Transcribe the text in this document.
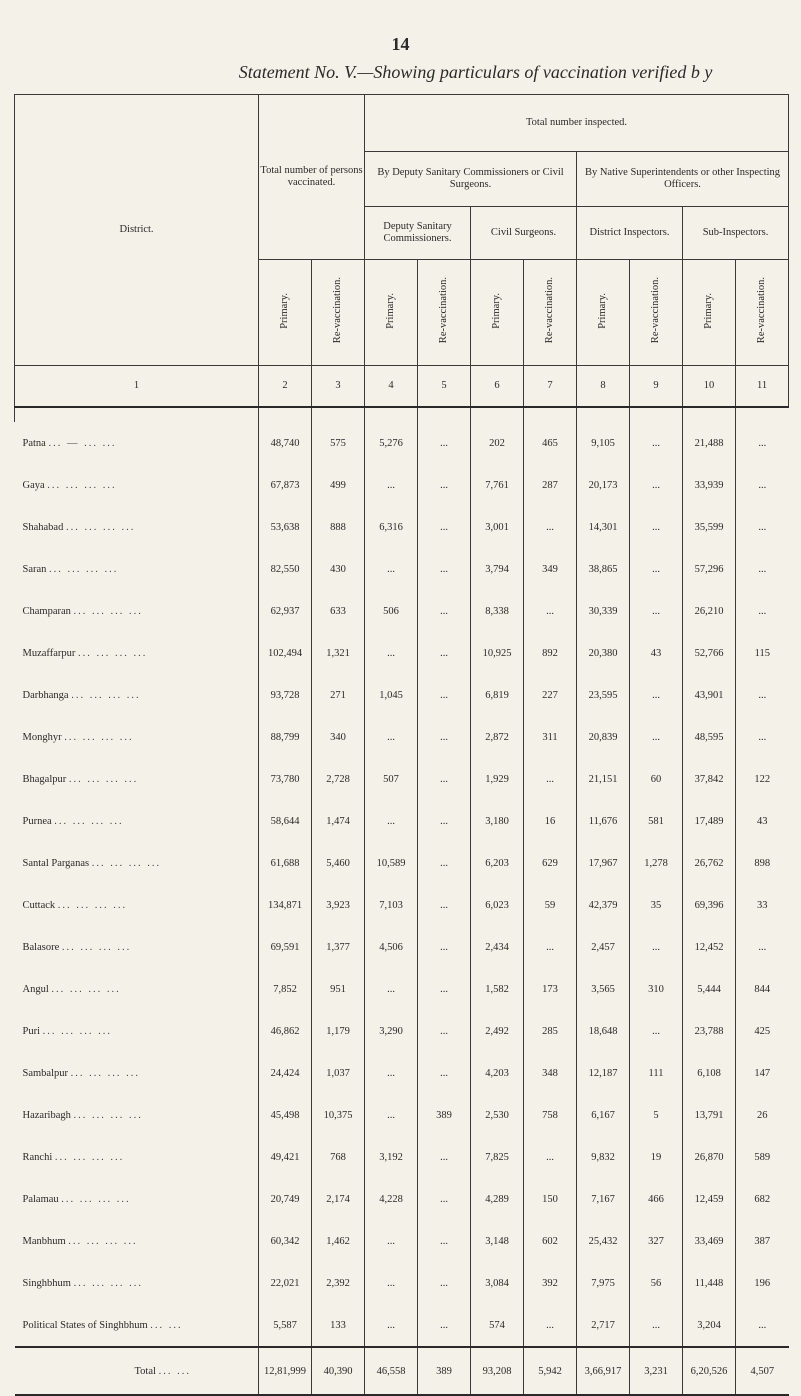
14
Statement No. V.—Showing particulars of vaccination verified b y
District.	Total number of persons vaccinated.		Total number inspected.							
			By Deputy Sanitary Commissioners or Civil Surgeons.				By Native Superintendents or other Inspecting Officers.			
			Deputy Sanitary Commissioners.		Civil Surgeons.		District Inspectors.		Sub-Inspectors.	
	Primary.	Re-vaccination.	Primary.	Re-vaccination.	Primary.	Re-vaccination.	Primary.	Re-vaccination.	Primary.	Re-vaccination.
1	2	3	4	5	6	7	8	9	10	11

Patna ... — ... ...	48,740	575	5,276	...	202	465	9,105	...	21,488	...
Gaya ... ... ... ...	67,873	499	...	...	7,761	287	20,173	...	33,939	...
Shahabad ... ... ... ...	53,638	888	6,316	...	3,001	...	14,301	...	35,599	...
Saran ... ... ... ...	82,550	430	...	...	3,794	349	38,865	...	57,296	...
Champaran ... ... ... ...	62,937	633	506	...	8,338	...	30,339	...	26,210	...
Muzaffarpur ... ... ... ...	102,494	1,321	...	...	10,925	892	20,380	43	52,766	115
Darbhanga ... ... ... ...	93,728	271	1,045	...	6,819	227	23,595	...	43,901	...
Monghyr ... ... ... ...	88,799	340	...	...	2,872	311	20,839	...	48,595	...
Bhagalpur ... ... ... ...	73,780	2,728	507	...	1,929	...	21,151	60	37,842	122
Purnea ... ... ... ...	58,644	1,474	...	...	3,180	16	11,676	581	17,489	43
Santal Parganas ... ... ... ...	61,688	5,460	10,589	...	6,203	629	17,967	1,278	26,762	898
Cuttack ... ... ... ...	134,871	3,923	7,103	...	6,023	59	42,379	35	69,396	33
Balasore ... ... ... ...	69,591	1,377	4,506	...	2,434	...	2,457	...	12,452	...
Angul ... ... ... ...	7,852	951	...	...	1,582	173	3,565	310	5,444	844
Puri ... ... ... ...	46,862	1,179	3,290	...	2,492	285	18,648	...	23,788	425
Sambalpur ... ... ... ...	24,424	1,037	...	...	4,203	348	12,187	111	6,108	147
Hazaribagh ... ... ... ...	45,498	10,375	...	389	2,530	758	6,167	5	13,791	26
Ranchi ... ... ... ...	49,421	768	3,192	...	7,825	...	9,832	19	26,870	589
Palamau ... ... ... ...	20,749	2,174	4,228	...	4,289	150	7,167	466	12,459	682
Manbhum ... ... ... ...	60,342	1,462	...	...	3,148	602	25,432	327	33,469	387
Singhbhum ... ... ... ...	22,021	2,392	...	...	3,084	392	7,975	56	11,448	196
Political States of Singhbhum ... ...	5,587	133	...	...	574	...	2,717	...	3,204	...
Total ... ...	12,81,999	40,390	46,558	389	93,208	5,942	3,66,917	3,231	6,20,526	4,507
